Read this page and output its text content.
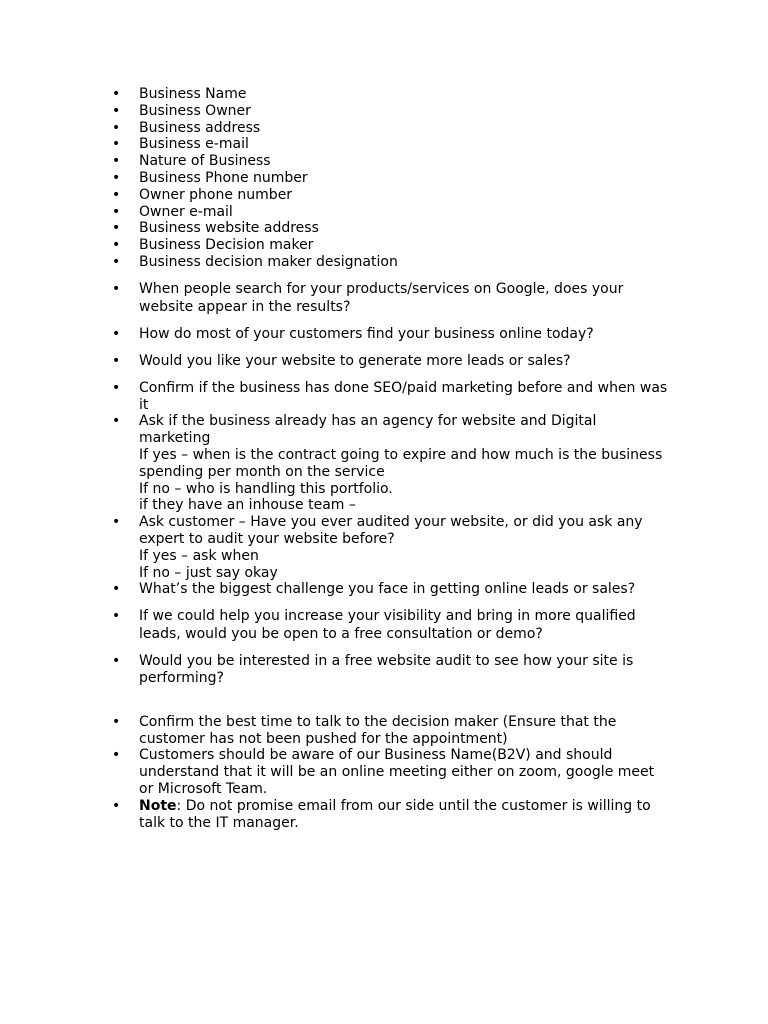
• Business Name
• Business Owner
• Business address
• Business e-mail
• Nature of Business
• Business Phone number
• Owner phone number
• Owner e-mail
• Business website address
• Business Decision maker
• Business decision maker designation
• When people search for your products/services on Google, does your website appear in the results?
• How do most of your customers find your business online today?
• Would you like your website to generate more leads or sales?
• Confirm if the business has done SEO/paid marketing before and when was it
• Ask if the business already has an agency for website and Digital marketing
If yes – when is the contract going to expire and how much is the business spending per month on the service
If no – who is handling this portfolio.
if they have an inhouse team –
• Ask customer – Have you ever audited your website, or did you ask any expert to audit your website before?
If yes – ask when
If no – just say okay
• What’s the biggest challenge you face in getting online leads or sales?
• If we could help you increase your visibility and bring in more qualified leads, would you be open to a free consultation or demo?
• Would you be interested in a free website audit to see how your site is performing?
• Confirm the best time to talk to the decision maker (Ensure that the customer has not been pushed for the appointment)
• Customers should be aware of our Business Name(B2V) and should understand that it will be an online meeting either on zoom, google meet or Microsoft Team.
• Note: Do not promise email from our side until the customer is willing to talk to the IT manager.
